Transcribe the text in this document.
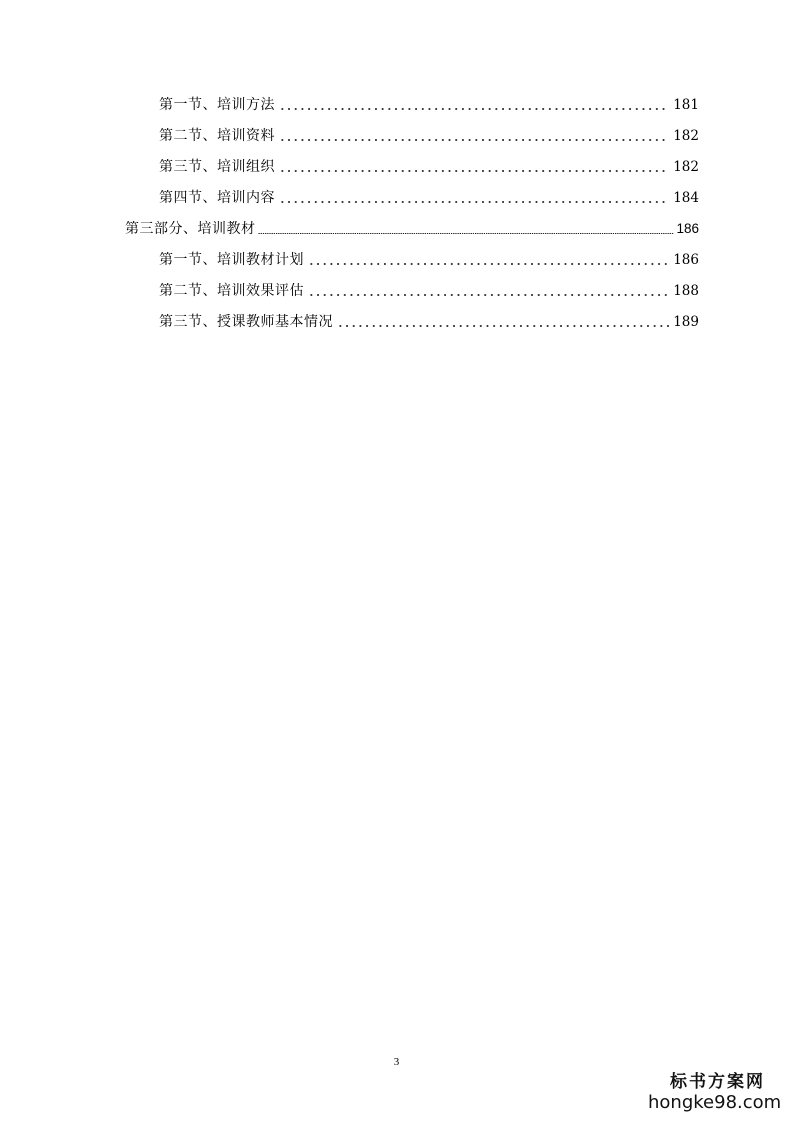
第一节、培训方法	181
第二节、培训资料	182
第三节、培训组织	182
第四节、培训内容	184
第三部分、培训教材	186
第一节、培训教材计划	186
第二节、培训效果评估	188
第三节、授课教师基本情况	189
3
标书方案网
hongke98.com
